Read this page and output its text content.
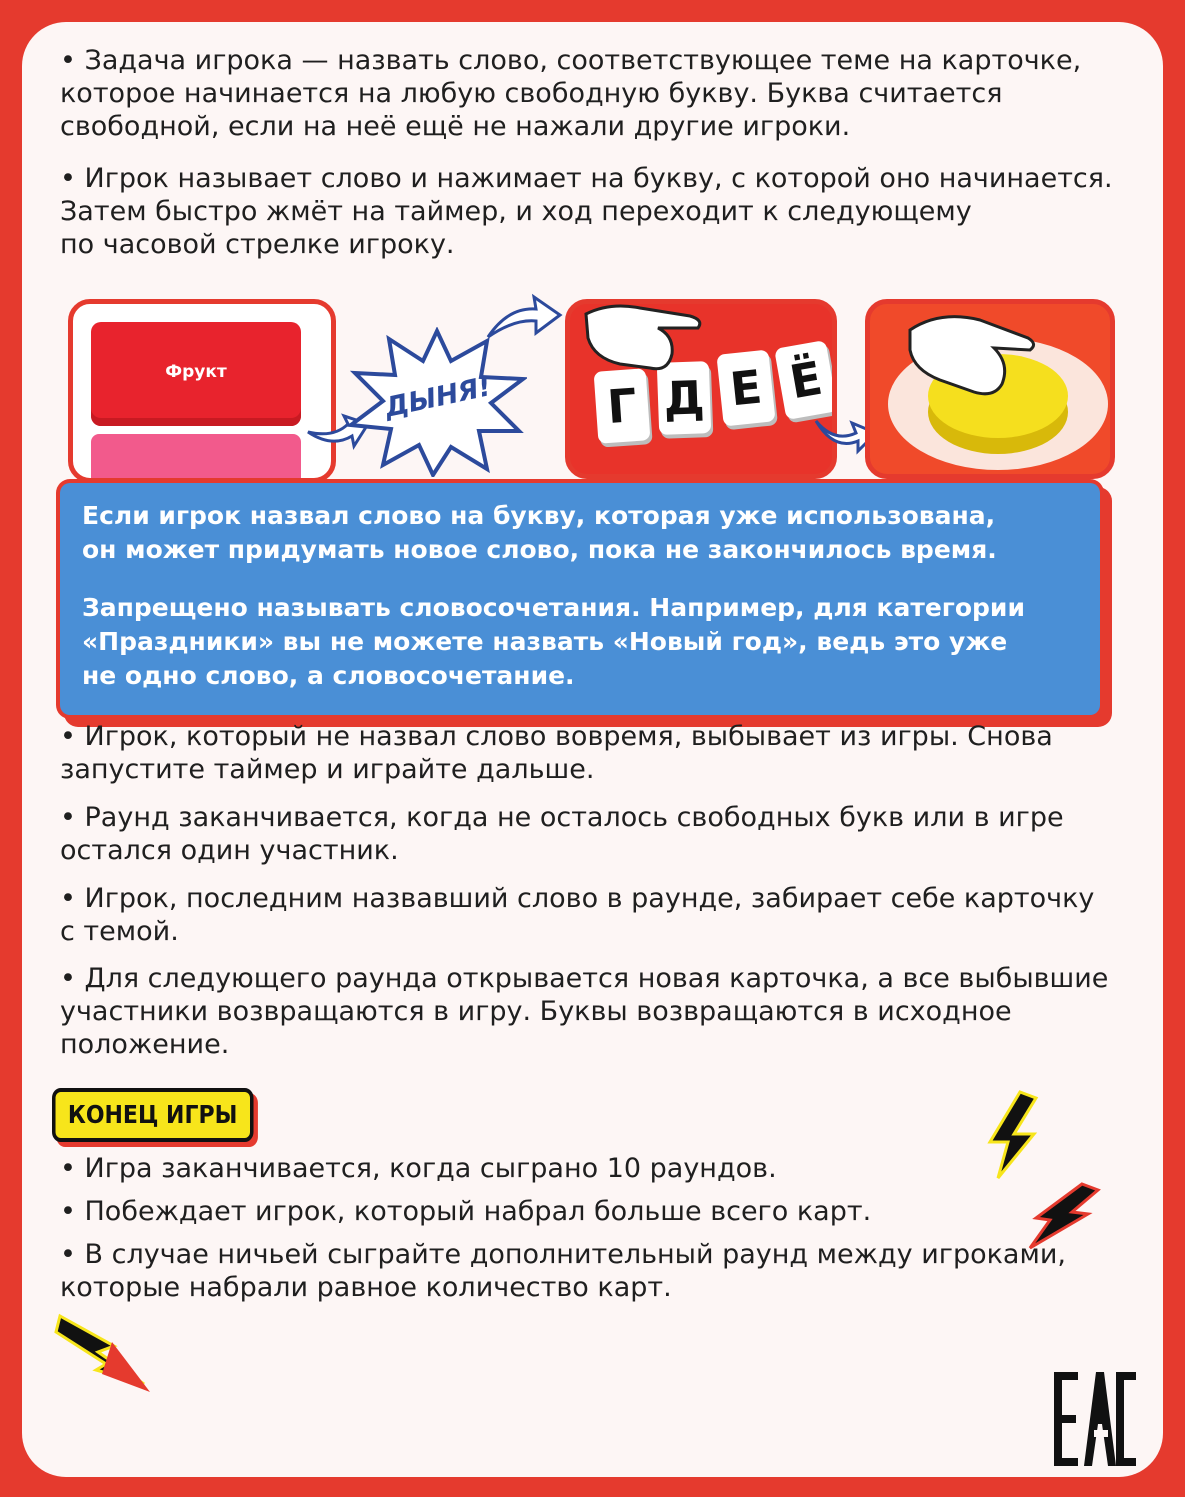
• Задача игрока — назвать слово, соответствующее теме на карточке,
которое начинается на любую свободную букву. Буква считается
свободной, если на неё ещё не нажали другие игроки.
• Игрок называет слово и нажимает на букву, с которой оно начинается.
Затем быстро жмёт на таймер, и ход переходит к следующему
по часовой стрелке игроку.
Фрукт	ДЫНЯ! Г Д Е Ё

Если игрок назвал слово на букву, которая уже использована,
он может придумать новое слово, пока не закончилось время.

Запрещено называть словосочетания. Например, для категории
«Праздники» вы не можете назвать «Новый год», ведь это уже
не одно слово, а словосочетание.

• Игрок, который не назвал слово вовремя, выбывает из игры. Снова
запустите таймер и играйте дальше.
• Раунд заканчивается, когда не осталось свободных букв или в игре
остался один участник.
• Игрок, последним назвавший слово в раунде, забирает себе карточку
с темой.
• Для следующего раунда открывается новая карточка, а все выбывшие
участники возвращаются в игру. Буквы возвращаются в исходное
положение.
КОНЕЦ ИГРЫ
• Игра заканчивается, когда сыграно 10 раундов.
• Побеждает игрок, который набрал больше всего карт.
• В случае ничьей сыграйте дополнительный раунд между игроками,
которые набрали равное количество карт.
